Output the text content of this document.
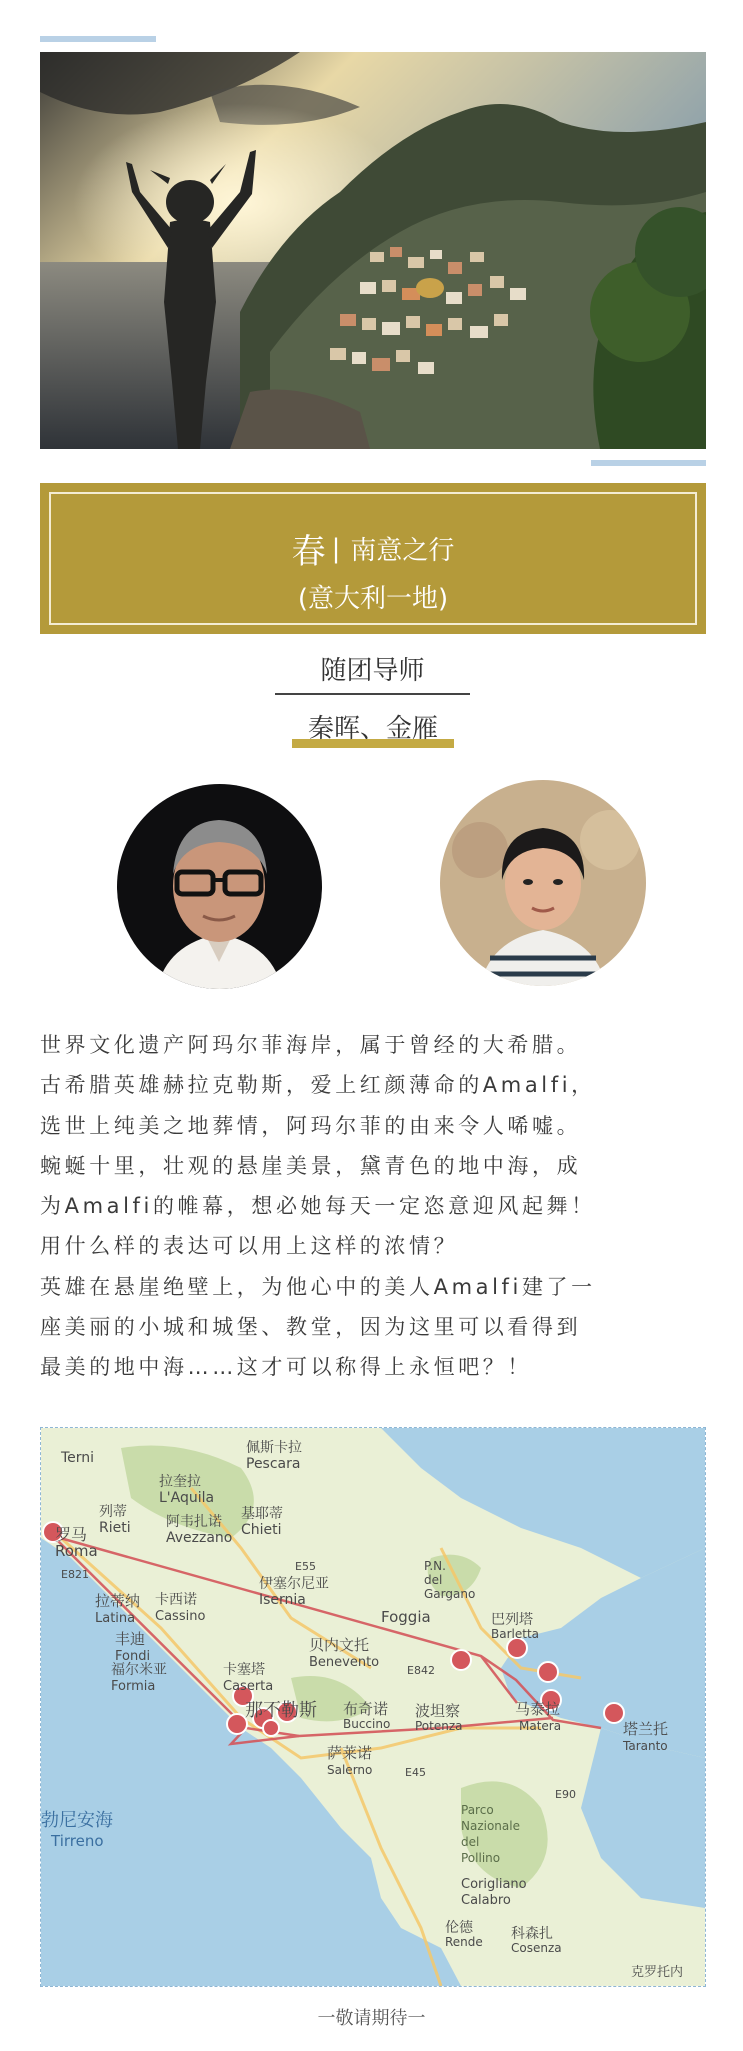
春 | 南意之行
(意大利一地)
随团导师
秦晖、金雁

世界文化遗产阿玛尔菲海岸，属于曾经的大希腊。

古希腊英雄赫拉克勒斯，爱上红颜薄命的Amalfi，

选世上纯美之地葬情，阿玛尔菲的由来令人唏嘘。

蜿蜒十里，壮观的悬崖美景，黛青色的地中海，成

为Amalfi的帷幕，想必她每天一定恣意迎风起舞！

用什么样的表达可以用上这样的浓情？

英雄在悬崖绝壁上，为他心中的美人Amalfi建了一

座美丽的小城和城堡、教堂，因为这里可以看得到

最美的地中海……这才可以称得上永恒吧？！

Terni
佩斯卡拉
Pescara
拉奎拉
L'Aquila
列蒂
Rieti
基耶蒂
Chieti
阿韦扎诺
Avezzano
罗马
Roma
E55
E821
P.N.
del
Gargano
伊塞尔尼亚
Isernia
拉蒂纳 卡西诺
Latina Cassino	Foggia	巴列塔
Barletta
丰迪
Fondi
贝内文托
Benevento
福尔米亚
Formia
卡塞塔
Caserta
E842
那不勒斯 布奇诺
Buccino
波坦察
Potenza
马泰拉
Matera	塔兰托
Taranto
萨莱诺
Salerno	E45
E90
勃尼安海
Tirreno
Parco
Nazionale
del
Pollino
Corigliano
Calabro
伦德
Rende 科森扎
Cosenza
克罗托内
一敬请期待一
